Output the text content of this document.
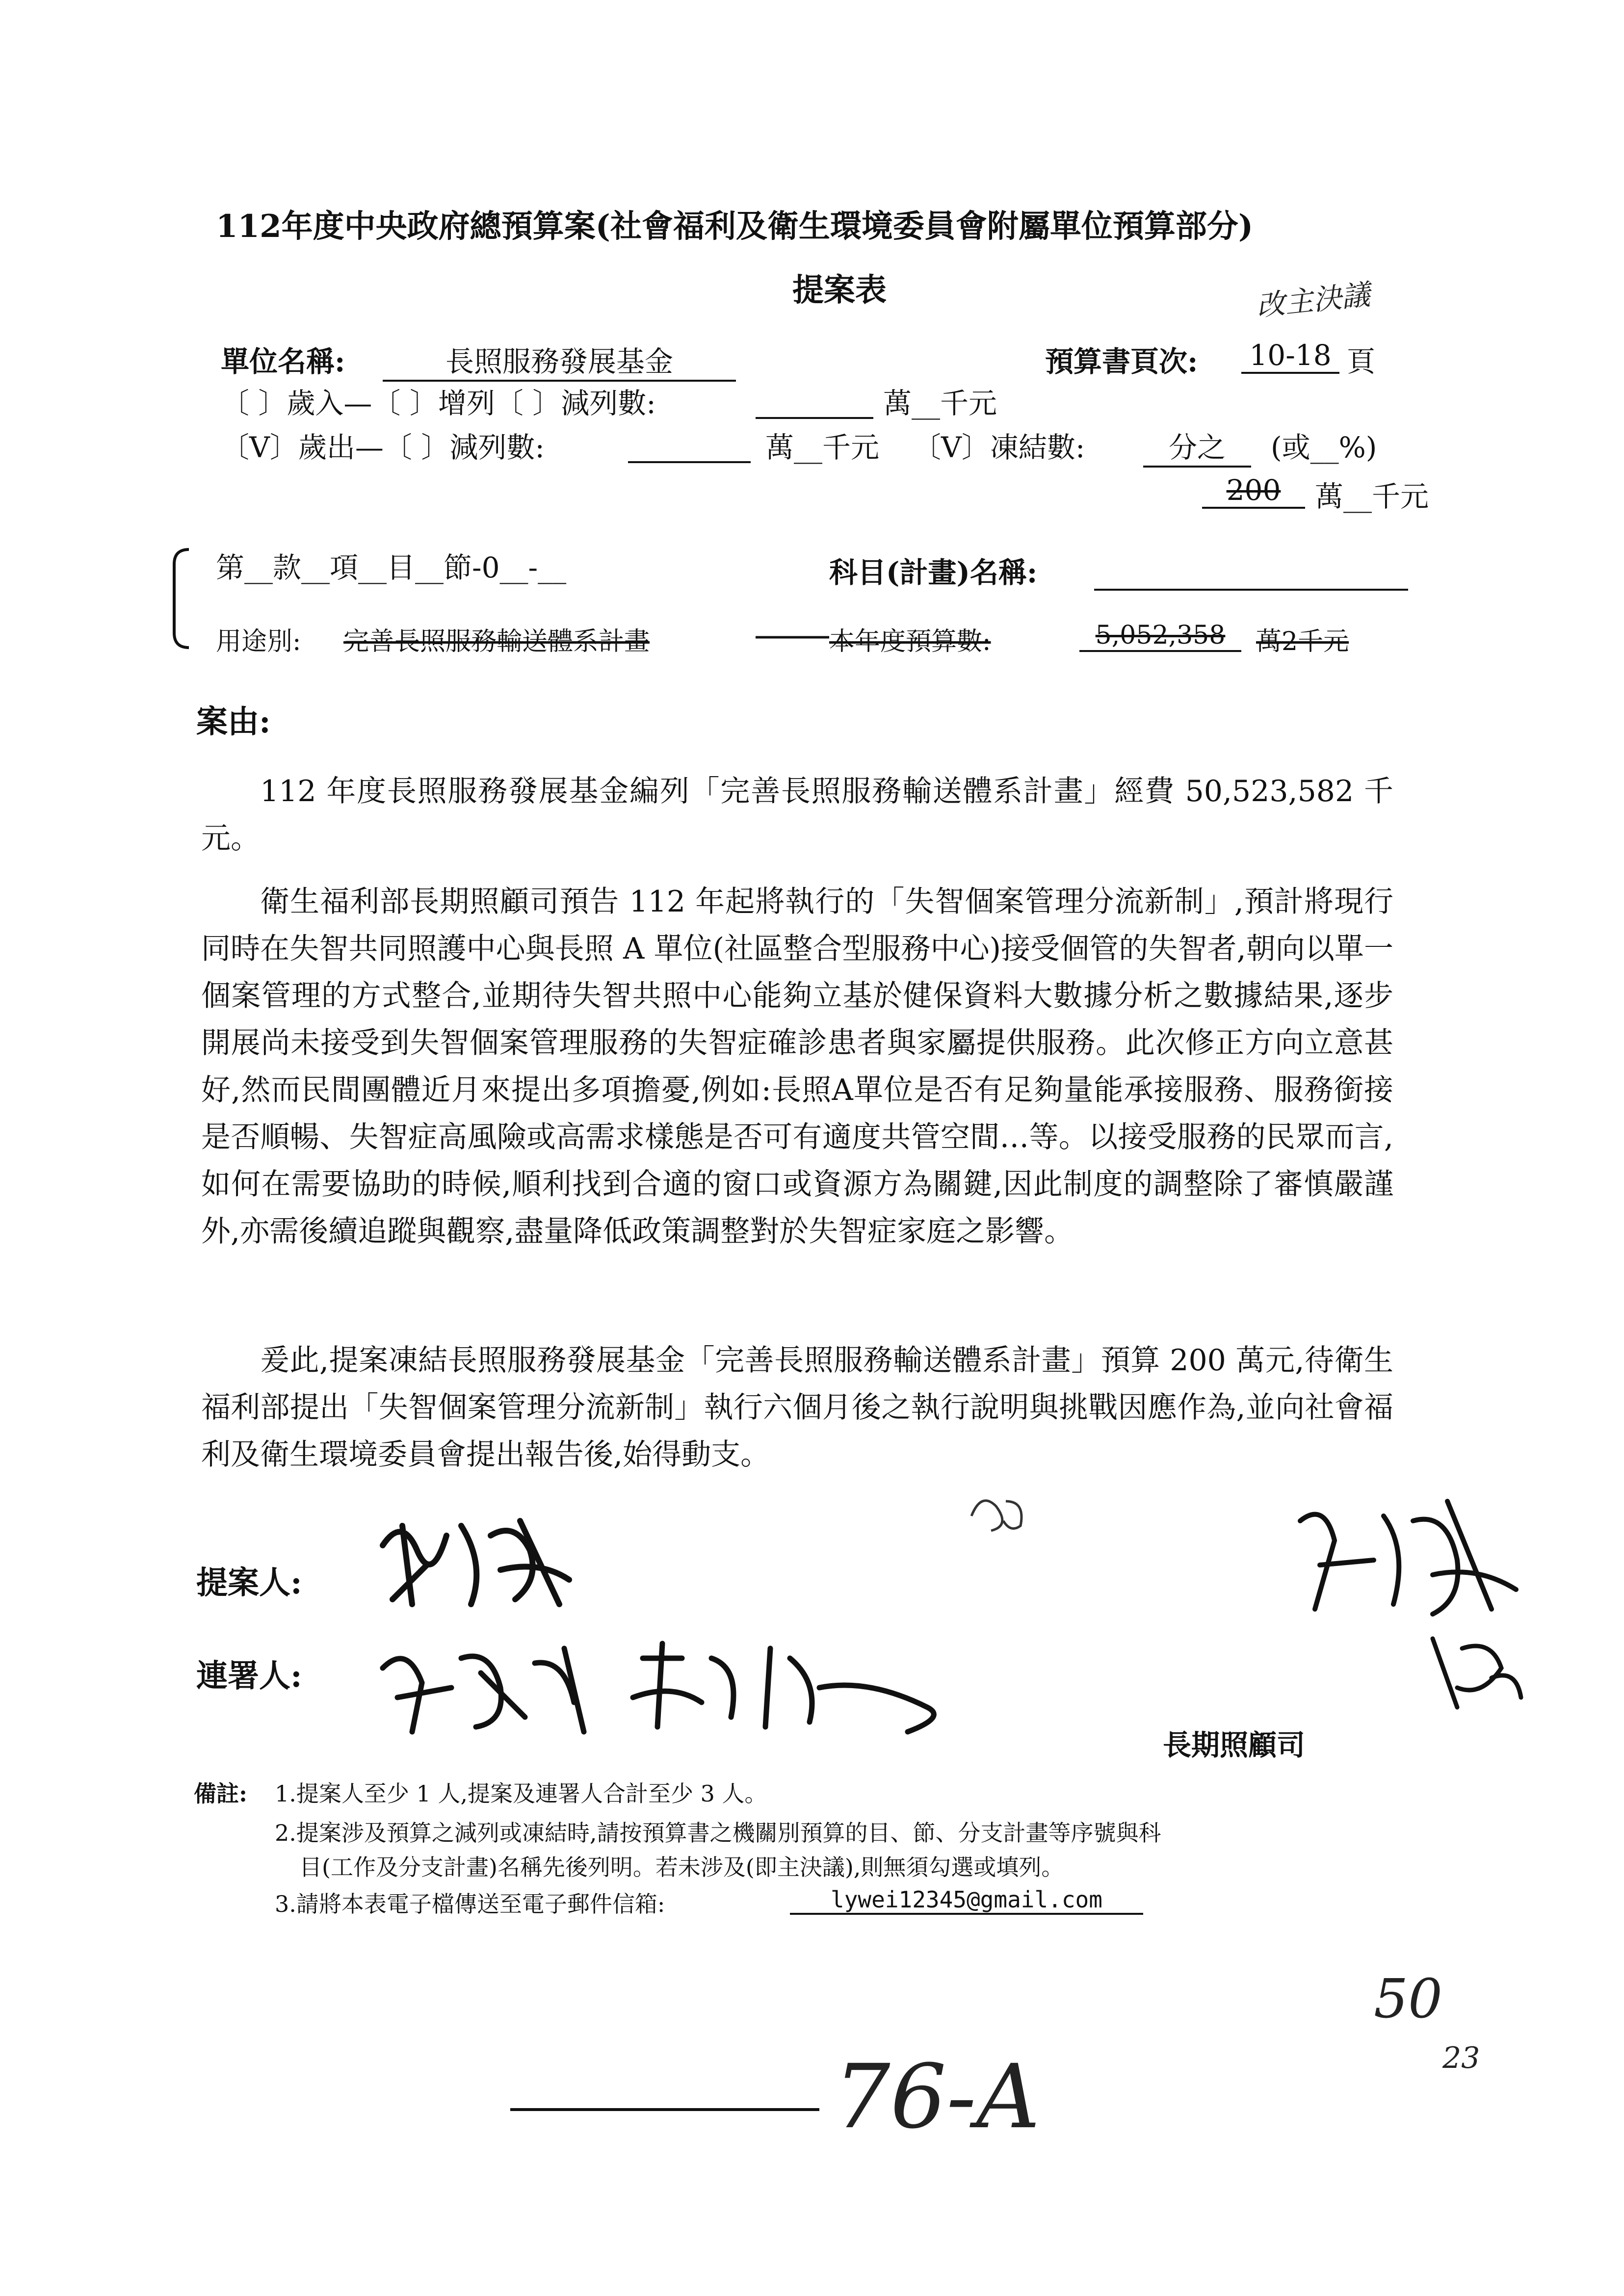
112年度中央政府總預算案(社會福利及衛生環境委員會附屬單位預算部分)
提案表	改主決議
單位名稱:	長照服務發展基金	預算書頁次: 10-18 頁
〔 〕歲入—〔 〕增列〔 〕減列數:	萬__千元
〔V〕歲出—〔 〕減列數:	萬__千元 〔V〕凍結數:	分之	(或__%)
200	萬__千元
第__款__項__目__節-0__-__	科目(計畫)名稱:
用途別: 完善長照服務輸送體系計畫	本年度預算數:	5,052,358	萬2千元
案由:
112 年度長照服務發展基金編列「完善長照服務輸送體系計畫」經費 50,523,582 千元。
衛生福利部長期照顧司預告 112 年起將執行的「失智個案管理分流新制」,預計將現行同時在失智共同照護中心與長照 A 單位(社區整合型服務中心)接受個管的失智者,朝向以單一個案管理的方式整合,並期待失智共照中心能夠立基於健保資料大數據分析之數據結果,逐步開展尚未接受到失智個案管理服務的失智症確診患者與家屬提供服務。此次修正方向立意甚好,然而民間團體近月來提出多項擔憂,例如:長照A單位是否有足夠量能承接服務、服務銜接是否順暢、失智症高風險或高需求樣態是否可有適度共管空間…等。以接受服務的民眾而言,如何在需要協助的時候,順利找到合適的窗口或資源方為關鍵,因此制度的調整除了審慎嚴謹外,亦需後續追蹤與觀察,盡量降低政策調整對於失智症家庭之影響。
爰此,提案凍結長照服務發展基金「完善長照服務輸送體系計畫」預算 200 萬元,待衛生福利部提出「失智個案管理分流新制」執行六個月後之執行說明與挑戰因應作為,並向社會福利及衛生環境委員會提出報告後,始得動支。
提案人:
連署人:
長期照顧司
備註: 1.提案人至少 1 人,提案及連署人合計至少 3 人。
2.提案涉及預算之減列或凍結時,請按預算書之機關別預算的目、節、分支計畫等序號與科
目(工作及分支計畫)名稱先後列明。若未涉及(即主決議),則無須勾選或填列。
3.請將本表電子檔傳送至電子郵件信箱:	lywei12345@gmail.com
50
23
76-A
